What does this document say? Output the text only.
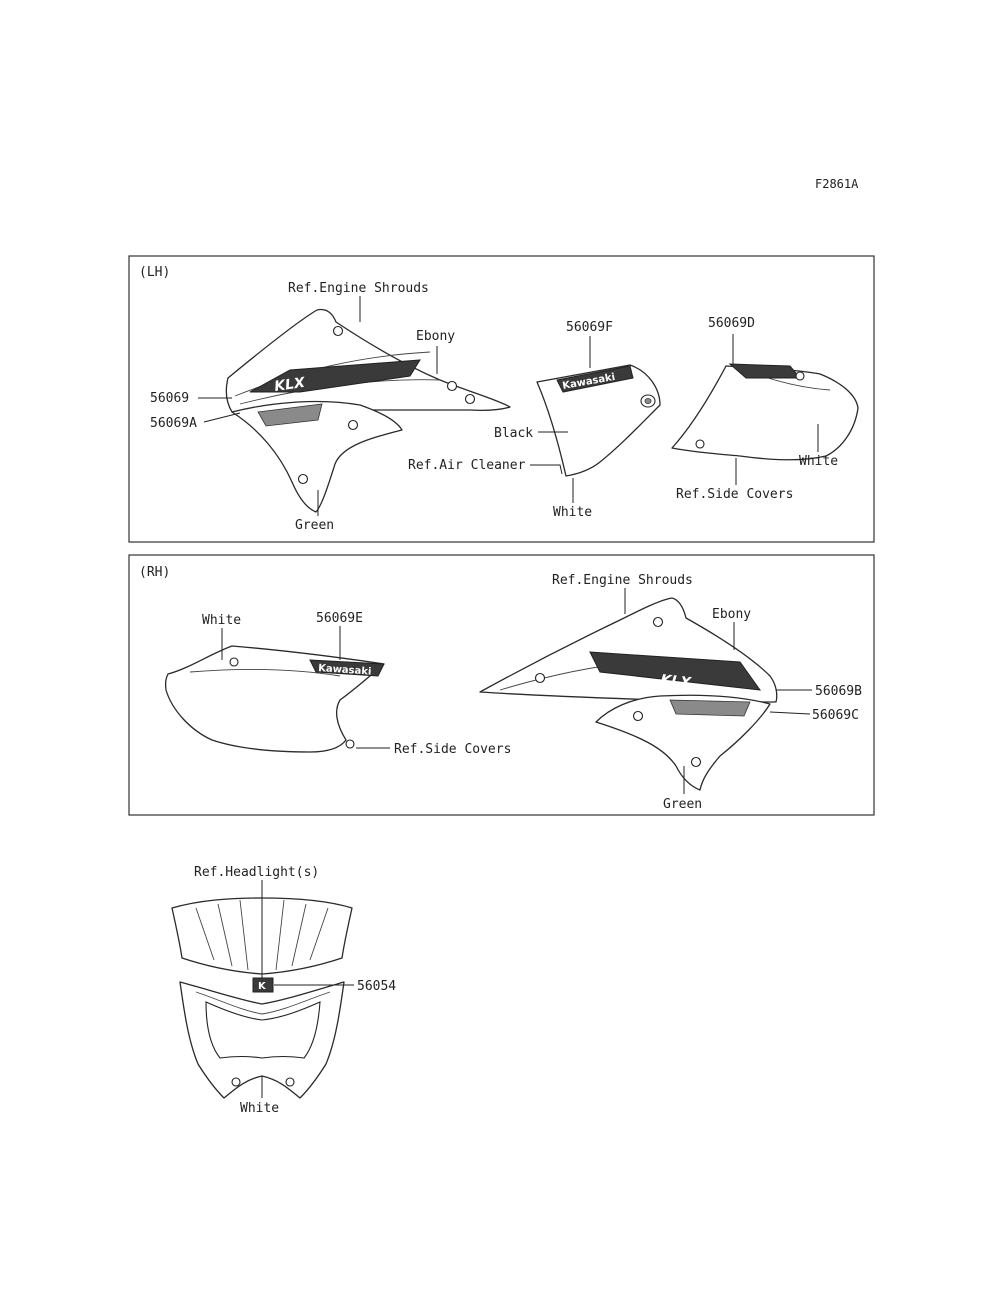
F2861A
(LH)
KLX
Ref.Engine Shrouds
Ebony
56069
56069A
Green
Kawasaki
56069F
Black
Ref.Air Cleaner
White
56069D
White
Ref.Side Covers
(RH)
Kawasaki
White	56069E
Ref.Side Covers
KLX
Ref.Engine Shrouds
Ebony
56069B
56069C
Green
K
Ref.Headlight(s)
56054
White
